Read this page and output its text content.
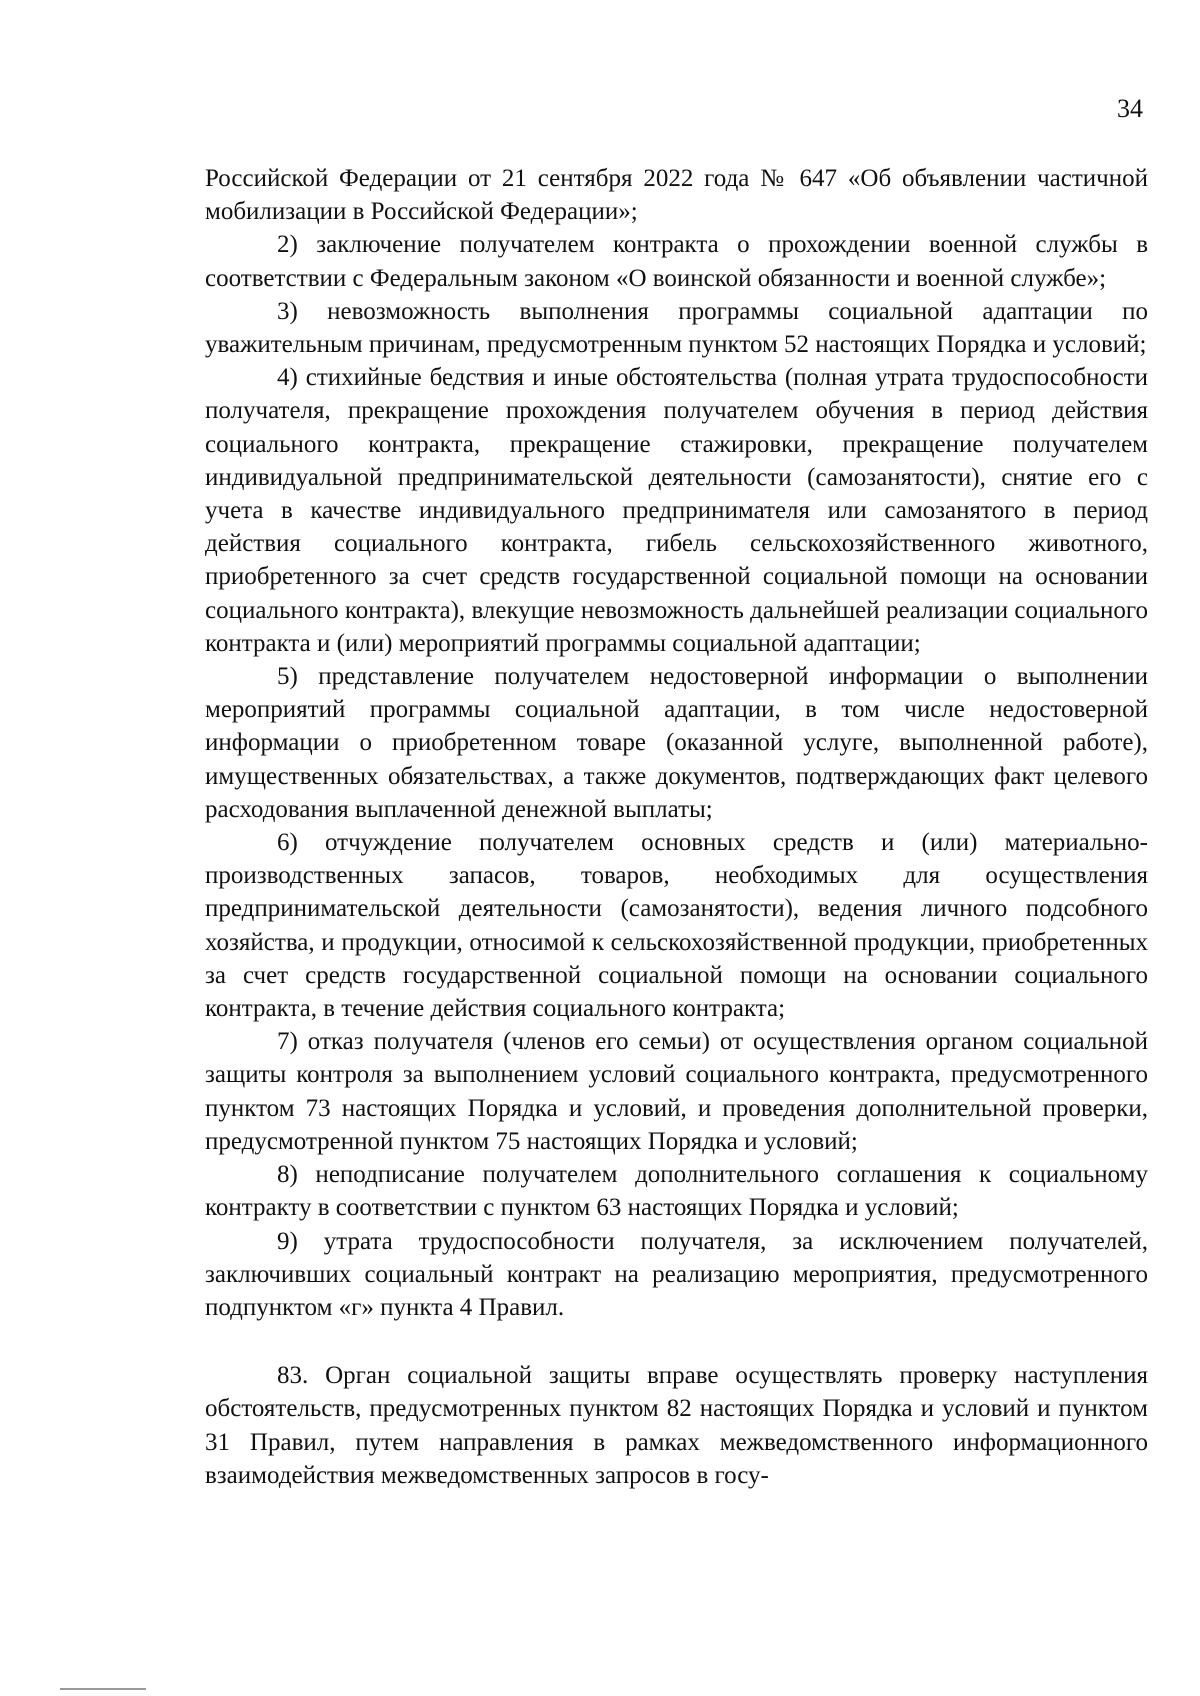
34

Российской Федерации от 21 сентября 2022 года № 647 «Об объявлении частичной мобилизации в Российской Федерации»;

2) заключение получателем контракта о прохождении военной службы в соответствии с Федеральным законом «О воинской обязанности и военной службе»;

3) невозможность выполнения программы социальной адаптации по уважительным причинам, предусмотренным пунктом 52 настоящих Порядка и условий;

4) стихийные бедствия и иные обстоятельства (полная утрата трудоспособности получателя, прекращение прохождения получателем обучения в период действия социального контракта, прекращение стажировки, прекращение получателем индивидуальной предпринимательской деятельности (самозанятости), снятие его с учета в качестве индивидуального предпринимателя или самозанятого в период действия социального контракта, гибель сельскохозяйственного животного, приобретенного за счет средств государственной социальной помощи на основании социального контракта), влекущие невозможность дальнейшей реализации социального контракта и (или) мероприятий программы социальной адаптации;

5) представление получателем недостоверной информации о выполнении мероприятий программы социальной адаптации, в том числе недостоверной информации о приобретенном товаре (оказанной услуге, выполненной работе), имущественных обязательствах, а также документов, подтверждающих факт целевого расходования выплаченной денежной выплаты;

6) отчуждение получателем основных средств и (или) материально-производственных запасов, товаров, необходимых для осуществления предпринимательской деятельности (самозанятости), ведения личного подсобного хозяйства, и продукции, относимой к сельскохозяйственной продукции, приобретенных за счет средств государственной социальной помощи на основании социального контракта, в течение действия социального контракта;

7) отказ получателя (членов его семьи) от осуществления органом социальной защиты контроля за выполнением условий социального контракта, предусмотренного пунктом 73 настоящих Порядка и условий, и проведения дополнительной проверки, предусмотренной пунктом 75 настоящих Порядка и условий;

8) неподписание получателем дополнительного соглашения к социальному контракту в соответствии с пунктом 63 настоящих Порядка и условий;

9) утрата трудоспособности получателя, за исключением получателей, заключивших социальный контракт на реализацию мероприятия, предусмотренного подпунктом «г» пункта 4 Правил.

83. Орган социальной защиты вправе осуществлять проверку наступления обстоятельств, предусмотренных пунктом 82 настоящих Порядка и условий и пунктом 31 Правил, путем направления в рамках межведомственного информационного взаимодействия межведомственных запросов в госу-
